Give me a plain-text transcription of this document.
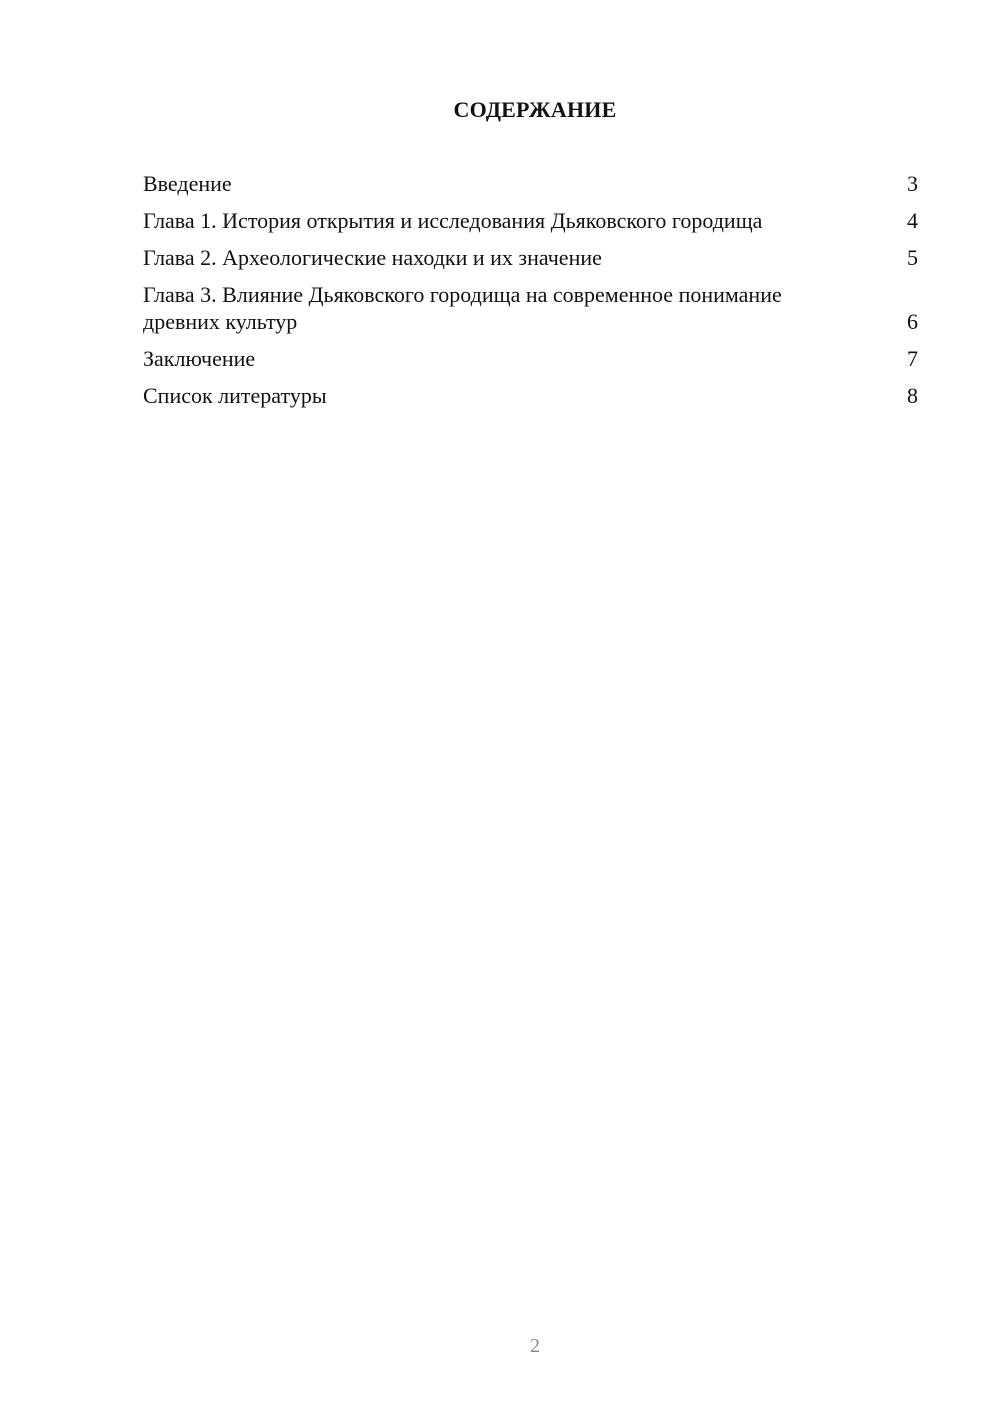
СОДЕРЖАНИЕ
Введение	3
Глава 1. История открытия и исследования Дьяковского городища	4
Глава 2. Археологические находки и их значение	5
Глава 3. Влияние Дьяковского городища на современное понимание древних культур	6
Заключение	7
Список литературы	8
2
